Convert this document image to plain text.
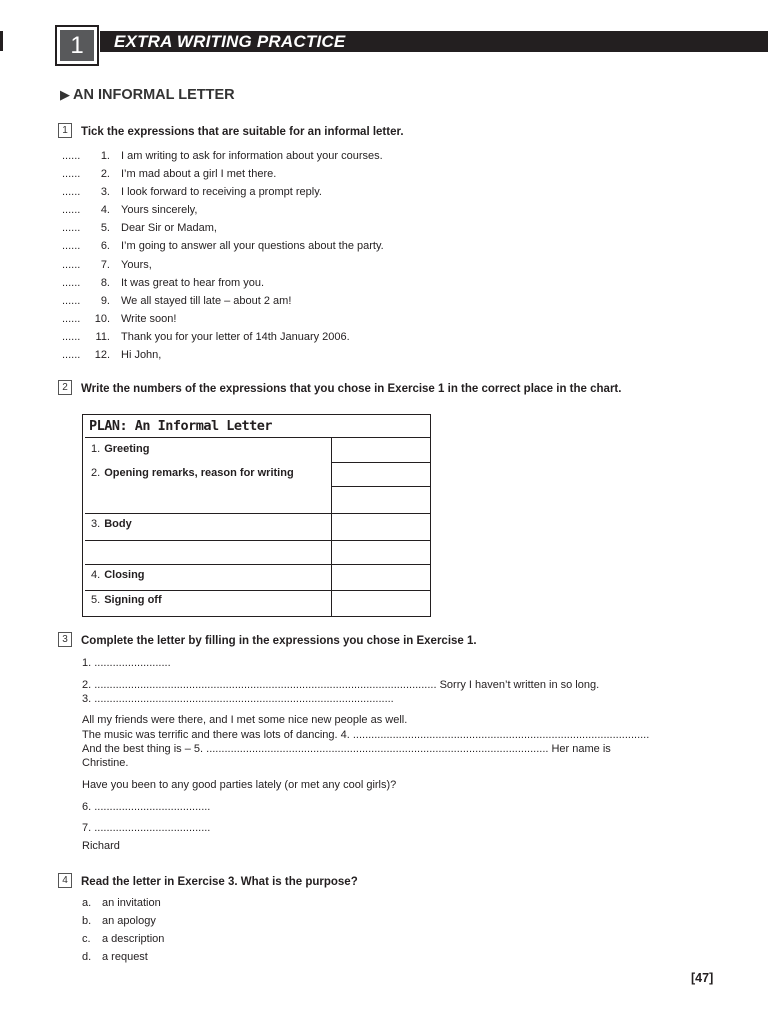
1	EXTRA WRITING PRACTICE
▶ AN INFORMAL LETTER
1	Tick the expressions that are suitable for an informal letter.
...... 1. I am writing to ask for information about your courses.
...... 2. I’m mad about a girl I met there.
...... 3. I look forward to receiving a prompt reply.
...... 4. Yours sincerely,
...... 5. Dear Sir or Madam,
...... 6. I’m going to answer all your questions about the party.
...... 7. Yours,
...... 8. It was great to hear from you.
...... 9. We all stayed till late – about 2 am!
...... 10. Write soon!
...... 11. Thank you for your letter of 14th January 2006.
...... 12. Hi John,
2	Write the numbers of the expressions that you chose in Exercise 1 in the correct place in the chart.
PLAN: An Informal Letter
1. Greeting
2. Opening remarks, reason for writing
3. Body
4. Closing
5. Signing off
3	Complete the letter by filling in the expressions you chose in Exercise 1.
1. .........................
2. ................................................................................................................ Sorry I haven’t written in so long.
3. ..................................................................................................
All my friends were there, and I met some nice new people as well.
The music was terrific and there was lots of dancing. 4. .................................................................................................
And the best thing is – 5. ................................................................................................................ Her name is
Christine.
Have you been to any good parties lately (or met any cool girls)?
6. ......................................
7. ......................................
Richard
4	Read the letter in Exercise 3. What is the purpose?
a. an invitation
b. an apology
c. a description
d. a request
[47]
